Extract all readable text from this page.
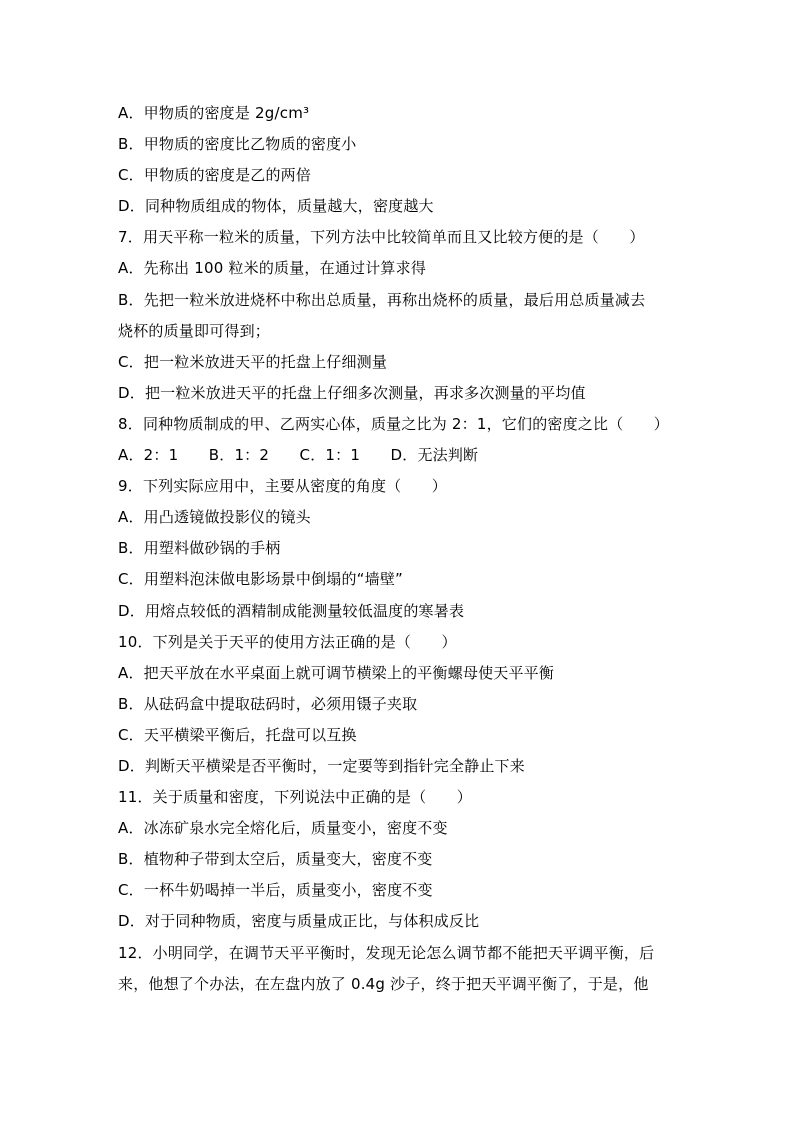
A．甲物质的密度是 2g/cm³
B．甲物质的密度比乙物质的密度小
C．甲物质的密度是乙的两倍
D．同种物质组成的物体，质量越大，密度越大
7．用天平称一粒米的质量，下列方法中比较简单而且又比较方便的是（　　）
A．先称出 100 粒米的质量，在通过计算求得
B．先把一粒米放进烧杯中称出总质量，再称出烧杯的质量，最后用总质量减去
烧杯的质量即可得到；
C．把一粒米放进天平的托盘上仔细测量
D．把一粒米放进天平的托盘上仔细多次测量，再求多次测量的平均值
8．同种物质制成的甲、乙两实心体，质量之比为 2：1，它们的密度之比（　　）
A．2：1　　B．1：2　　C．1：1　　D．无法判断
9．下列实际应用中，主要从密度的角度（　　）
A．用凸透镜做投影仪的镜头
B．用塑料做砂锅的手柄
C．用塑料泡沫做电影场景中倒塌的“墙壁”
D．用熔点较低的酒精制成能测量较低温度的寒暑表
10．下列是关于天平的使用方法正确的是（　　）
A．把天平放在水平桌面上就可调节横梁上的平衡螺母使天平平衡
B．从砝码盒中提取砝码时，必须用镊子夹取
C．天平横梁平衡后，托盘可以互换
D．判断天平横梁是否平衡时，一定要等到指针完全静止下来
11．关于质量和密度，下列说法中正确的是（　　）
A．冰冻矿泉水完全熔化后，质量变小，密度不变
B．植物种子带到太空后，质量变大，密度不变
C．一杯牛奶喝掉一半后，质量变小，密度不变
D．对于同种物质，密度与质量成正比，与体积成反比
12．小明同学，在调节天平平衡时，发现无论怎么调节都不能把天平调平衡，后
来，他想了个办法，在左盘内放了 0.4g 沙子，终于把天平调平衡了，于是，他
